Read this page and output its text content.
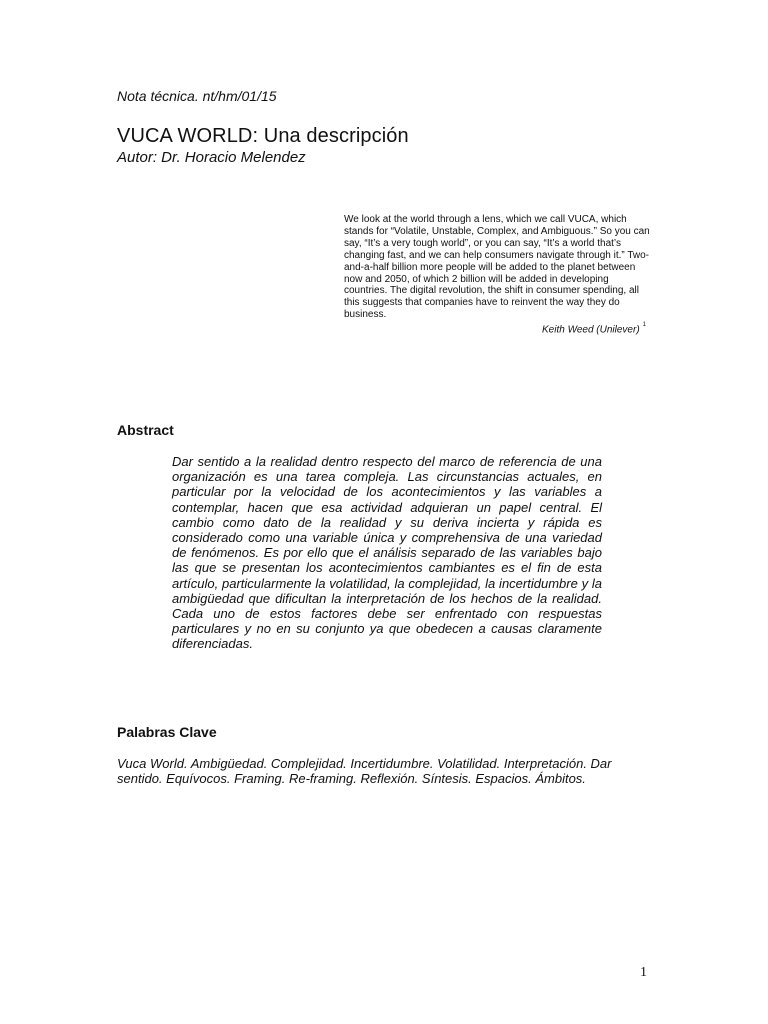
Nota técnica. nt/hm/01/15

VUCA WORLD: Una descripción

Autor: Dr. Horacio Melendez

We look at the world through a lens, which we call VUCA, which stands for “Volatile, Unstable, Complex, and Ambiguous.” So you can say, “It’s a very tough world”, or you can say, “It’s a world that’s changing fast, and we can help consumers navigate through it.” Two-and-a-half billion more people will be added to the planet between now and 2050, of which 2 billion will be added in developing countries. The digital revolution, the shift in consumer spending, all this suggests that companies have to reinvent the way they do business.

Keith Weed (Unilever) $^1$

Abstract

Dar sentido a la realidad dentro respecto del marco de referencia de una organización es una tarea compleja. Las circunstancias actuales, en particular por la velocidad de los acontecimientos y las variables a contemplar, hacen que esa actividad adquieran un papel central. El cambio como dato de la realidad y su deriva incierta y rápida es considerado como una variable única y comprehensiva de una variedad de fenómenos. Es por ello que el análisis separado de las variables bajo las que se presentan los acontecimientos cambiantes es el fin de esta artículo, particularmente la volatilidad, la complejidad, la incertidumbre y la ambigüedad que dificultan la interpretación de los hechos de la realidad. Cada uno de estos factores debe ser enfrentado con respuestas particulares y no en su conjunto ya que obedecen a causas claramente diferenciadas.

Palabras Clave

Vuca World. Ambigüedad. Complejidad. Incertidumbre. Volatilidad. Interpretación. Dar sentido. Equívocos. Framing. Re-framing. Reflexión. Síntesis. Espacios. Ámbitos.

1
